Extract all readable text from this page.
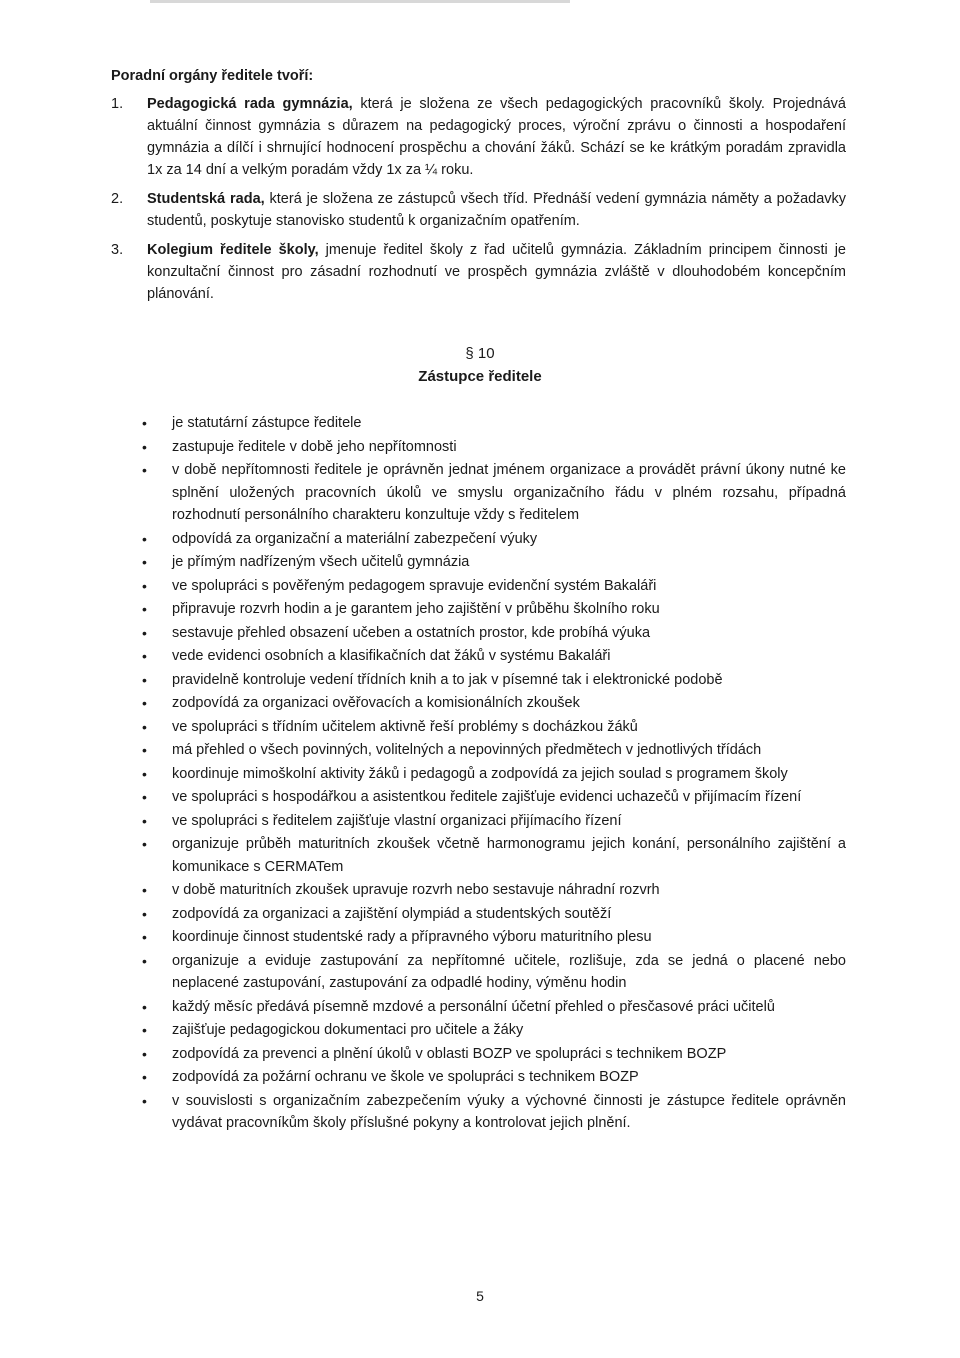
Poradní orgány ředitele tvoří:
1.	Pedagogická rada gymnázia, která je složena ze všech pedagogických pracovníků školy. Projednává aktuální činnost gymnázia s důrazem na pedagogický proces, výroční zprávu o činnosti a hospodaření gymnázia a dílčí i shrnující hodnocení prospěchu a chování žáků. Schází se ke krátkým poradám zpravidla 1x za 14 dní a velkým poradám vždy 1x za ¼ roku.
2.	Studentská rada, která je složena ze zástupců všech tříd. Přednáší vedení gymnázia náměty a požadavky studentů, poskytuje stanovisko studentů k organizačním opatřením.
3.	Kolegium ředitele školy, jmenuje ředitel školy z řad učitelů gymnázia. Základním principem činnosti je konzultační činnost pro zásadní rozhodnutí ve prospěch gymnázia zvláště v dlouhodobém koncepčním plánování.
§ 10
Zástupce ředitele
•	je statutární zástupce ředitele
•	zastupuje ředitele v době jeho nepřítomnosti
•	v době nepřítomnosti ředitele je oprávněn jednat jménem organizace a provádět právní úkony nutné ke splnění uložených pracovních úkolů ve smyslu organizačního řádu v plném rozsahu, případná rozhodnutí personálního charakteru konzultuje vždy s ředitelem
•	odpovídá za organizační a materiální zabezpečení výuky
•	je přímým nadřízeným všech učitelů gymnázia
•	ve spolupráci s pověřeným pedagogem spravuje evidenční systém Bakaláři
•	připravuje rozvrh hodin a je garantem jeho zajištění v průběhu školního roku
•	sestavuje přehled obsazení učeben a ostatních prostor, kde probíhá výuka
•	vede evidenci osobních a klasifikačních dat žáků v systému Bakaláři
•	pravidelně kontroluje vedení třídních knih a to jak v písemné tak i elektronické podobě
•	zodpovídá za organizaci ověřovacích a komisionálních zkoušek
•	ve spolupráci s třídním učitelem aktivně řeší problémy s docházkou žáků
•	má přehled o všech povinných, volitelných a nepovinných předmětech v jednotlivých třídách
•	koordinuje mimoškolní aktivity žáků i pedagogů a zodpovídá za jejich soulad s programem školy
•	ve spolupráci s hospodářkou a asistentkou ředitele zajišťuje evidenci uchazečů v přijímacím řízení
•	ve spolupráci s ředitelem zajišťuje vlastní organizaci přijímacího řízení
•	organizuje průběh maturitních zkoušek včetně harmonogramu jejich konání, personálního zajištění a komunikace s CERMATem
•	v době maturitních zkoušek upravuje rozvrh nebo sestavuje náhradní rozvrh
•	zodpovídá za organizaci a zajištění olympiád a studentských soutěží
•	koordinuje činnost studentské rady a přípravného výboru maturitního plesu
•	organizuje a eviduje zastupování za nepřítomné učitele, rozlišuje, zda se jedná o placené nebo neplacené zastupování, zastupování za odpadlé hodiny, výměnu hodin
•	každý měsíc předává písemně mzdové a personální účetní přehled o přesčasové práci učitelů
•	zajišťuje pedagogickou dokumentaci pro učitele a žáky
•	zodpovídá za prevenci a plnění úkolů v oblasti BOZP ve spolupráci s technikem BOZP
•	zodpovídá za požární ochranu ve škole ve spolupráci s technikem BOZP
•	v souvislosti s organizačním zabezpečením výuky a výchovné činnosti je zástupce ředitele oprávněn vydávat pracovníkům školy příslušné pokyny a kontrolovat jejich plnění.
5
